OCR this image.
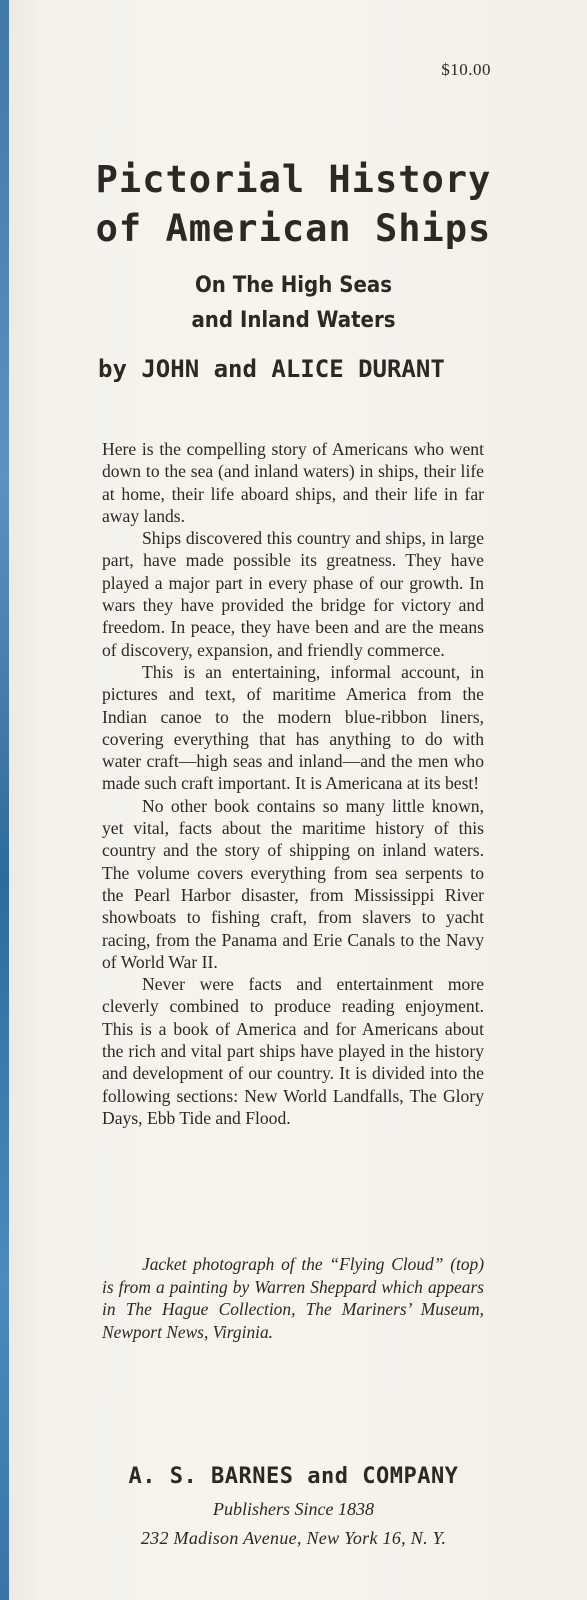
$10.00
Pictorial History
of American Ships
On The High Seas
and Inland Waters
by JOHN and ALICE DURANT

Here is the compelling story of Americans who went down to the sea (and inland waters) in ships, their life at home, their life aboard ships, and their life in far away lands.

Ships discovered this country and ships, in large part, have made possible its greatness. They have played a major part in every phase of our growth. In wars they have provided the bridge for victory and freedom. In peace, they have been and are the means of discovery, expansion, and friendly commerce.

This is an entertaining, informal account, in pictures and text, of maritime America from the Indian canoe to the modern blue-ribbon liners, covering everything that has anything to do with water craft—high seas and inland—and the men who made such craft important. It is Americana at its best!

No other book contains so many little known, yet vital, facts about the maritime history of this country and the story of shipping on inland waters. The volume covers everything from sea serpents to the Pearl Harbor disaster, from Mississippi River showboats to fishing craft, from slavers to yacht racing, from the Panama and Erie Canals to the Navy of World War II.

Never were facts and entertainment more cleverly combined to produce reading enjoyment. This is a book of America and for Americans about the rich and vital part ships have played in the history and development of our country. It is divided into the following sections: New World Landfalls, The Glory Days, Ebb Tide and Flood.

Jacket photograph of the “Flying Cloud” (top) is from a painting by Warren Sheppard which appears in The Hague Collection, The Mariners’ Museum, Newport News, Virginia.
A. S. BARNES and COMPANY
Publishers Since 1838
232 Madison Avenue, New York 16, N. Y.
